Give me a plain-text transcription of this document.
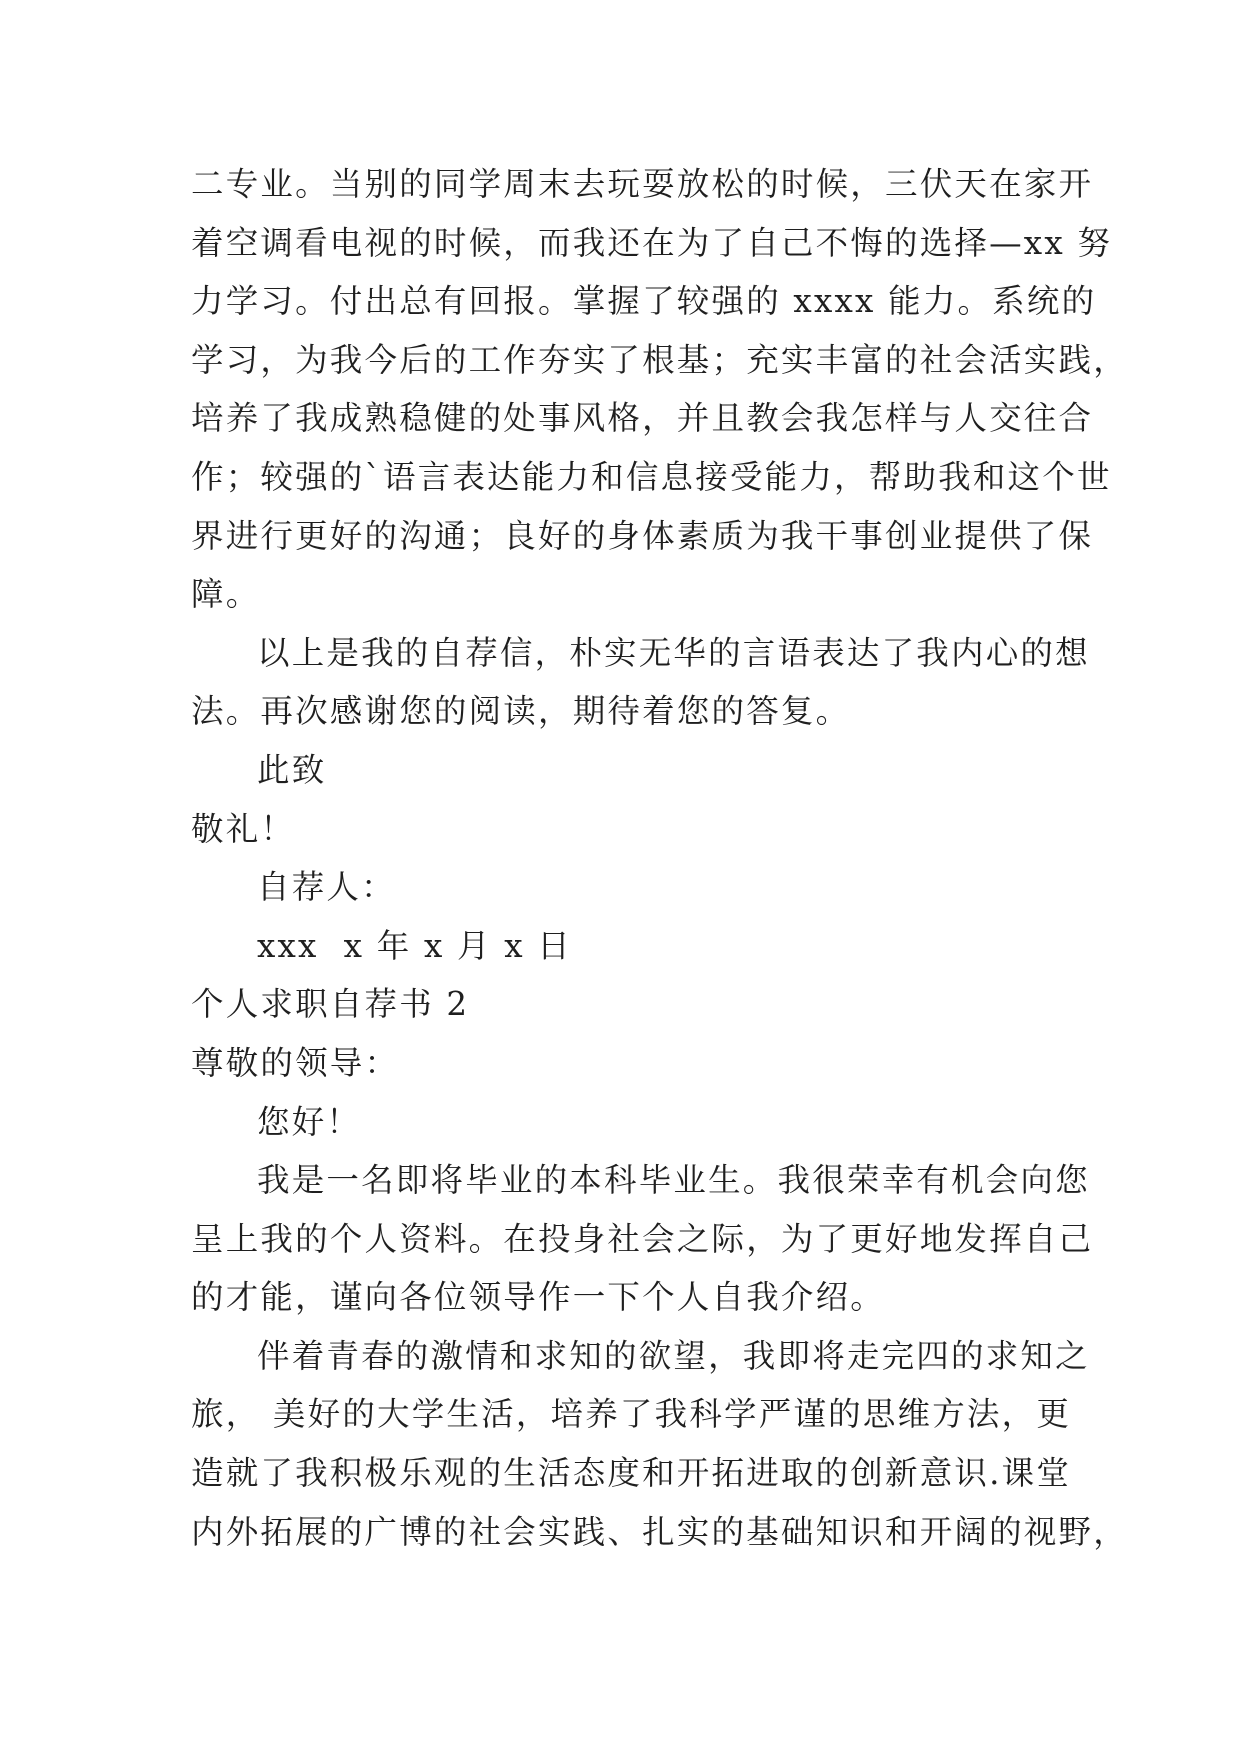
二专业。当别的同学周末去玩耍放松的时候，三伏天在家开
着空调看电视的时候，而我还在为了自己不悔的选择—xx 努
力学习。付出总有回报。掌握了较强的 xxxx 能力。系统的
学习，为我今后的工作夯实了根基；充实丰富的社会活实践，
培养了我成熟稳健的处事风格，并且教会我怎样与人交往合
作；较强的`语言表达能力和信息接受能力，帮助我和这个世
界进行更好的沟通；良好的身体素质为我干事创业提供了保
障。
以上是我的自荐信，朴实无华的言语表达了我内心的想
法。再次感谢您的阅读，期待着您的答复。
此致
敬礼！
自荐人：
xxx  x 年 x 月 x 日
个人求职自荐书 2
尊敬的领导：
您好！
我是一名即将毕业的本科毕业生。我很荣幸有机会向您
呈上我的个人资料。在投身社会之际，为了更好地发挥自己
的才能，谨向各位领导作一下个人自我介绍。
伴着青春的激情和求知的欲望，我即将走完四的求知之
旅， 美好的大学生活，培养了我科学严谨的思维方法，更
造就了我积极乐观的生活态度和开拓进取的创新意识.课堂
内外拓展的广博的社会实践、扎实的基础知识和开阔的视野，
